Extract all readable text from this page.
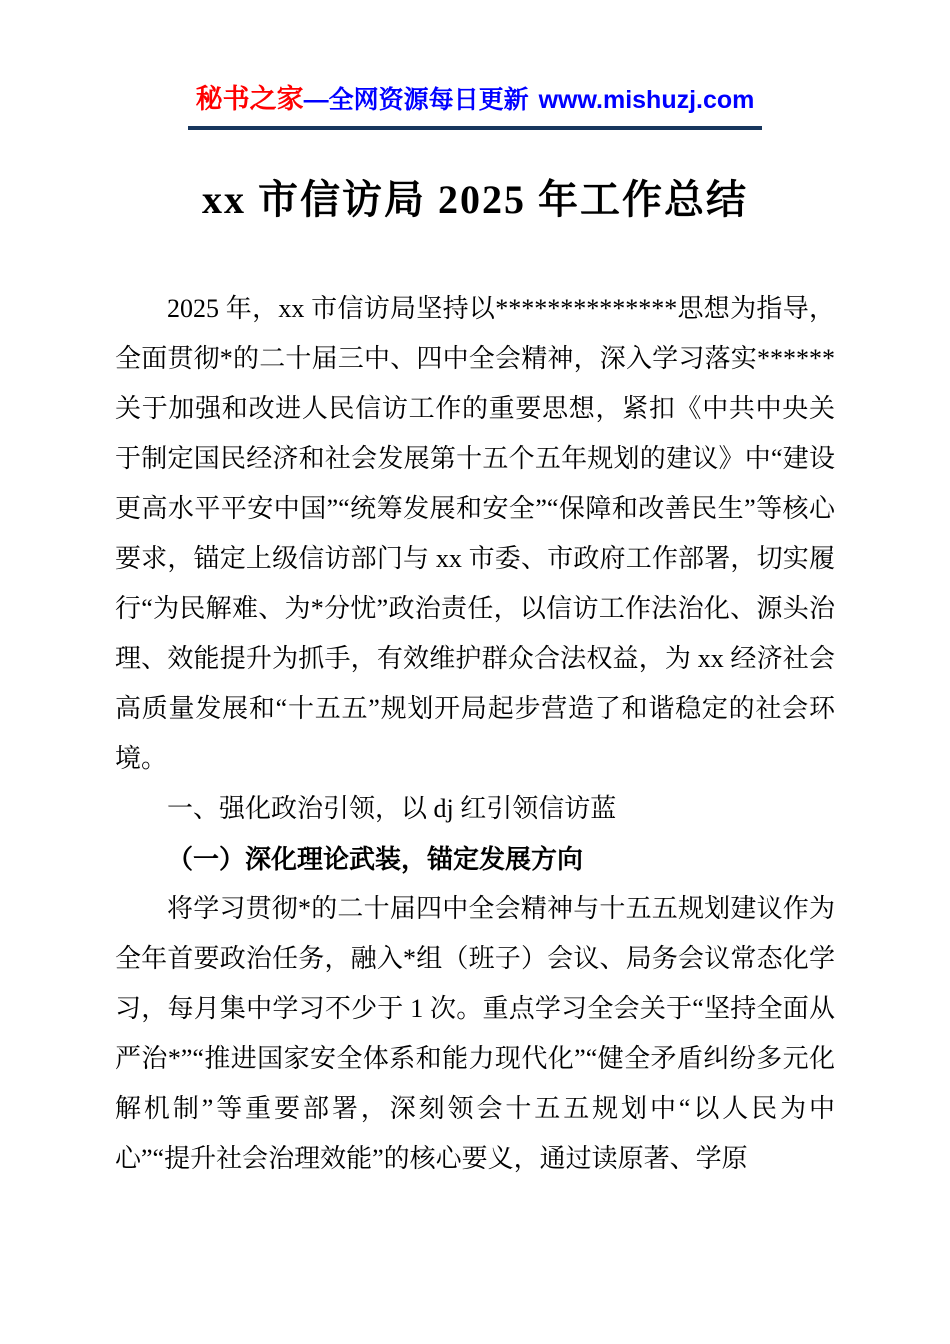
秘书之家—全网资源每日更新 www.mishuzj.com
xx 市信访局 2025 年工作总结

2025 年，xx 市信访局坚持以**************思想为指导，全面贯彻*的二十届三中、四中全会精神，深入学习落实******关于加强和改进人民信访工作的重要思想，紧扣《中共中央关于制定国民经济和社会发展第十五个五年规划的建议》中“建设更高水平平安中国”“统筹发展和安全”“保障和改善民生”等核心要求，锚定上级信访部门与 xx 市委、市政府工作部署，切实履行“为民解难、为*分忧”政治责任，以信访工作法治化、源头治理、效能提升为抓手，有效维护群众合法权益，为 xx 经济社会高质量发展和“十五五”规划开局起步营造了和谐稳定的社会环境。

一、强化政治引领，以 dj 红引领信访蓝

（一）深化理论武装，锚定发展方向

将学习贯彻*的二十届四中全会精神与十五五规划建议作为全年首要政治任务，融入*组（班子）会议、局务会议常态化学习，每月集中学习不少于 1 次。重点学习全会关于“坚持全面从严治*”“推进国家安全体系和能力现代化”“健全矛盾纠纷多元化解机制”等重要部署，深刻领会十五五规划中“以人民为中心”“提升社会治理效能”的核心要义，通过读原著、学原
